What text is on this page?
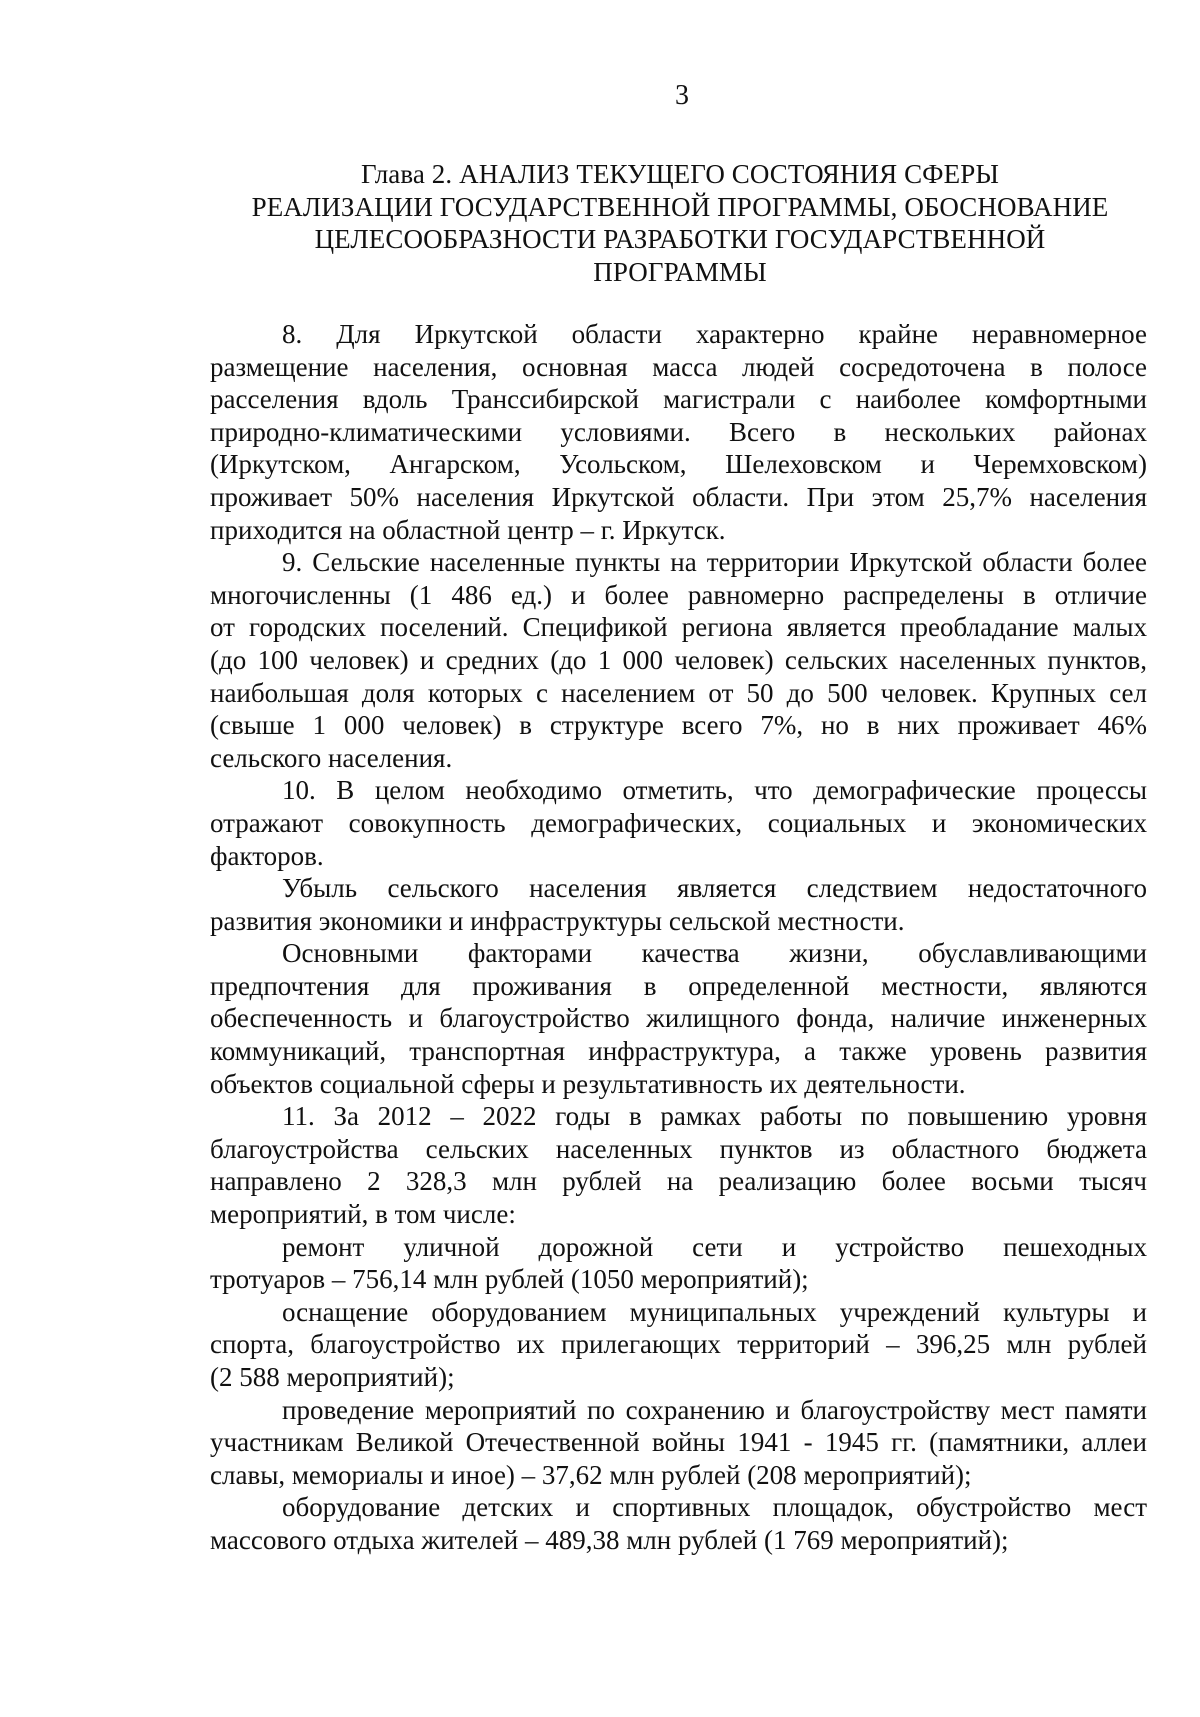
3
Глава 2. АНАЛИЗ ТЕКУЩЕГО СОСТОЯНИЯ СФЕРЫ
РЕАЛИЗАЦИИ ГОСУДАРСТВЕННОЙ ПРОГРАММЫ, ОБОСНОВАНИЕ
ЦЕЛЕСООБРАЗНОСТИ РАЗРАБОТКИ ГОСУДАРСТВЕННОЙ
ПРОГРАММЫ
8. Для Иркутской области характерно крайне неравномерное
размещение населения, основная масса людей сосредоточена в полосе
расселения вдоль Транссибирской магистрали с наиболее комфортными
природно-климатическими условиями. Всего в нескольких районах
(Иркутском, Ангарском, Усольском, Шелеховском и Черемховском)
проживает 50% населения Иркутской области. При этом 25,7% населения
приходится на областной центр – г. Иркутск.
9. Сельские населенные пункты на территории Иркутской области более
многочисленны (1 486 ед.) и более равномерно распределены в отличие
от городских поселений. Спецификой региона является преобладание малых
(до 100 человек) и средних (до 1 000 человек) сельских населенных пунктов,
наибольшая доля которых с населением от 50 до 500 человек. Крупных сел
(свыше 1 000 человек) в структуре всего 7%, но в них проживает 46%
сельского населения.
10. В целом необходимо отметить, что демографические процессы
отражают совокупность демографических, социальных и экономических
факторов.
Убыль сельского населения является следствием недостаточного
развития экономики и инфраструктуры сельской местности.
Основными факторами качества жизни, обуславливающими
предпочтения для проживания в определенной местности, являются
обеспеченность и благоустройство жилищного фонда, наличие инженерных
коммуникаций, транспортная инфраструктура, а также уровень развития
объектов социальной сферы и результативность их деятельности.
11. За 2012 – 2022 годы в рамках работы по повышению уровня
благоустройства сельских населенных пунктов из областного бюджета
направлено 2 328,3 млн рублей на реализацию более восьми тысяч
мероприятий, в том числе:
ремонт уличной дорожной сети и устройство пешеходных
тротуаров – 756,14 млн рублей (1050 мероприятий);
оснащение оборудованием муниципальных учреждений культуры и
спорта, благоустройство их прилегающих территорий – 396,25 млн рублей
(2 588 мероприятий);
проведение мероприятий по сохранению и благоустройству мест памяти
участникам Великой Отечественной войны 1941 - 1945 гг. (памятники, аллеи
славы, мемориалы и иное) – 37,62 млн рублей (208 мероприятий);
оборудование детских и спортивных площадок, обустройство мест
массового отдыха жителей – 489,38 млн рублей (1 769 мероприятий);
